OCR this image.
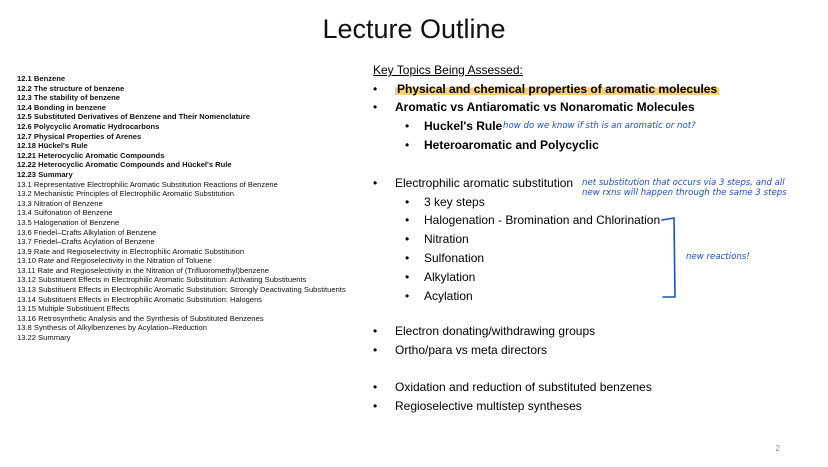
Lecture Outline
12.1 Benzene
12.2 The structure of benzene
12.3 The stability of benzene
12.4 Bonding in benzene
12.5 Substituted Derivatives of Benzene and Their Nomenclature
12.6 Polycyclic Aromatic Hydrocarbons
12.7 Physical Properties of Arenes
12.18 Hückel's Rule
12.21 Heterocyclic Aromatic Compounds
12.22 Heterocyclic Aromatic Compounds and Hückel's Rule
12.23 Summary
13.1 Representative Electrophilic Aromatic Substitution Reactions of Benzene
13.2 Mechanistic Principles of Electrophilic Aromatic Substitution
13.3 Nitration of Benzene
13.4 Sulfonation of Benzene
13.5 Halogenation of Benzene
13.6 Friedel–Crafts Alkylation of Benzene
13.7 Friedel–Crafts Acylation of Benzene
13.9 Rate and Regioselectivity in Electrophilic Aromatic Substitution
13.10 Rate and Regioselectivity in the Nitration of Toluene
13.11 Rate and Regioselectivity in the Nitration of (Trifluoromethyl)benzene
13.12 Substituent Effects in Electrophilic Aromatic Substitution: Activating Substituents
13.13 Substituent Effects in Electrophilic Aromatic Substitution: Strongly Deactivating Substituents
13.14 Substituent Effects in Electrophilic Aromatic Substitution: Halogens
13.15 Multiple Substituent Effects
13.16 Retrosynthetic Analysis and the Synthesis of Substituted Benzenes
13.8 Synthesis of Alkylbenzenes by Acylation–Reduction
13.22 Summary
Key Topics Being Assessed:
• Physical and chemical properties of aromatic molecules
• Aromatic vs Antiaromatic vs Nonaromatic Molecules
• Huckel's Rule
• Heteroaromatic and Polycyclic
• Electrophilic aromatic substitution
• 3 key steps
• Halogenation - Bromination and Chlorination
• Nitration
• Sulfonation
• Alkylation
• Acylation
• Electron donating/withdrawing groups
• Ortho/para vs meta directors
• Oxidation and reduction of substituted benzenes
• Regioselective multistep syntheses
how do we know if sth is an aromatic or not?
net substitution that occurs via 3 steps, and all
new rxns will happen through the same 3 steps
new reactions!
2
